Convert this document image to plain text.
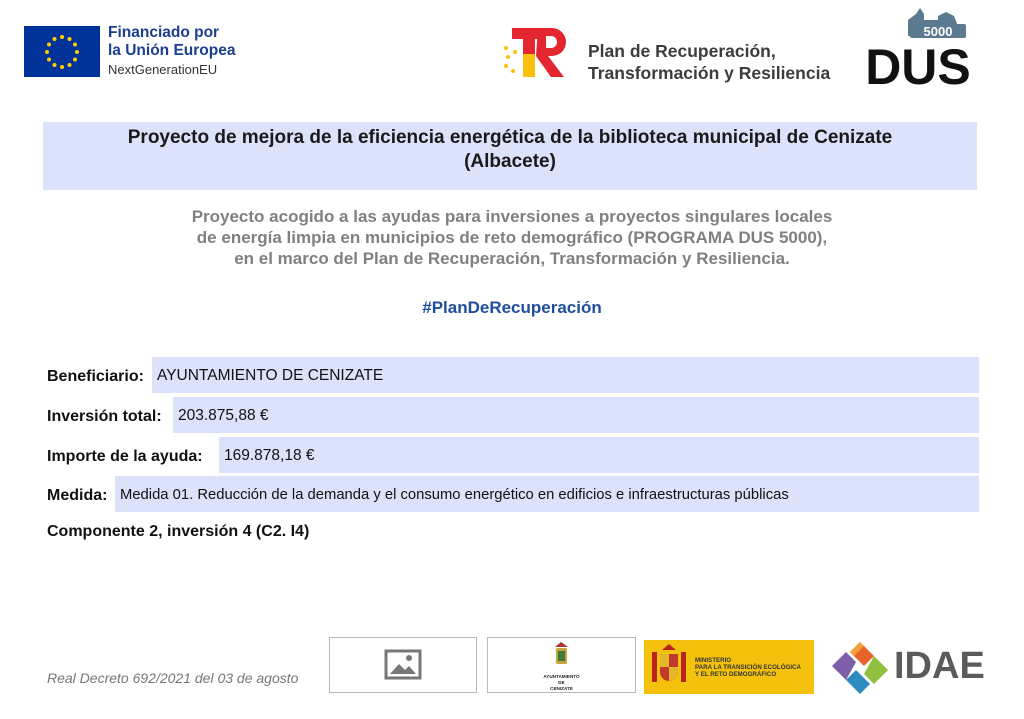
Financiado por
la Unión Europea
NextGenerationEU
Plan de Recuperación,
Transformación y Resiliencia
5000
DUS
Proyecto de mejora de la eficiencia energética de la biblioteca municipal de Cenizate
(Albacete)
Proyecto acogido a las ayudas para inversiones a proyectos singulares locales
de energía limpia en municipios de reto demográfico (PROGRAMA DUS 5000),
en el marco del Plan de Recuperación, Transformación y Resiliencia.
#PlanDeRecuperación
Beneficiario: AYUNTAMIENTO DE CENIZATE
Inversión total:	203.875,88 €
Importe de la ayuda:	169.878,18 €
Medida: Medida 01. Reducción de la demanda y el consumo energético en edificios e infraestructuras públicas
Componente 2, inversión 4 (C2. I4)
Real Decreto 692/2021 del 03 de agosto	AYUNTAMIENTO
DE
CENIZATE
MINISTERIO
PARA LA TRANSICIÓN ECOLÓGICA
Y EL RETO DEMOGRÁFICO	IDAE
